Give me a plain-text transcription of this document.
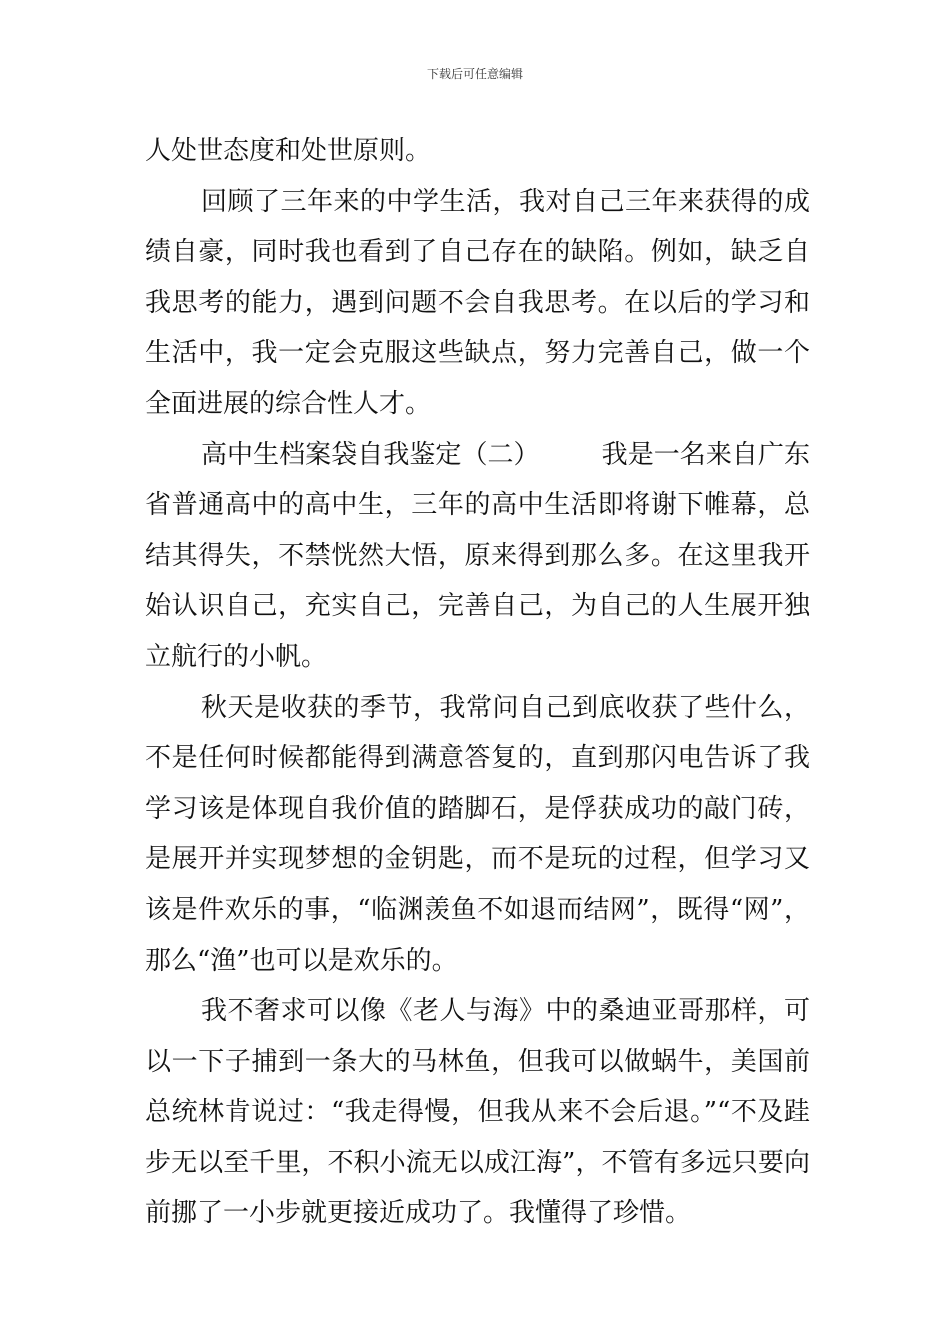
下载后可任意编辑

人处世态度和处世原则。

回顾了三年来的中学生活，我对自己三年来获得的成绩自豪，同时我也看到了自己存在的缺陷。例如，缺乏自我思考的能力，遇到问题不会自我思考。在以后的学习和生活中，我一定会克服这些缺点，努力完善自己，做一个全面进展的综合性人才。

高中生档案袋自我鉴定（二） 我是一名来自广东省普通高中的高中生，三年的高中生活即将谢下帷幕，总结其得失，不禁恍然大悟，原来得到那么多。在这里我开始认识自己，充实自己，完善自己，为自己的人生展开独立航行的小帆。

秋天是收获的季节，我常问自己到底收获了些什么，不是任何时候都能得到满意答复的，直到那闪电告诉了我学习该是体现自我价值的踏脚石，是俘获成功的敲门砖，是展开并实现梦想的金钥匙，而不是玩的过程，但学习又该是件欢乐的事，“临渊羡鱼不如退而结网”，既得“网”，那么“渔”也可以是欢乐的。

我不奢求可以像《老人与海》中的桑迪亚哥那样，可以一下子捕到一条大的马林鱼，但我可以做蜗牛，美国前总统林肯说过：“我走得慢，但我从来不会后退。”“不及跬步无以至千里，不积小流无以成江海”，不管有多远只要向前挪了一小步就更接近成功了。我懂得了珍惜。
